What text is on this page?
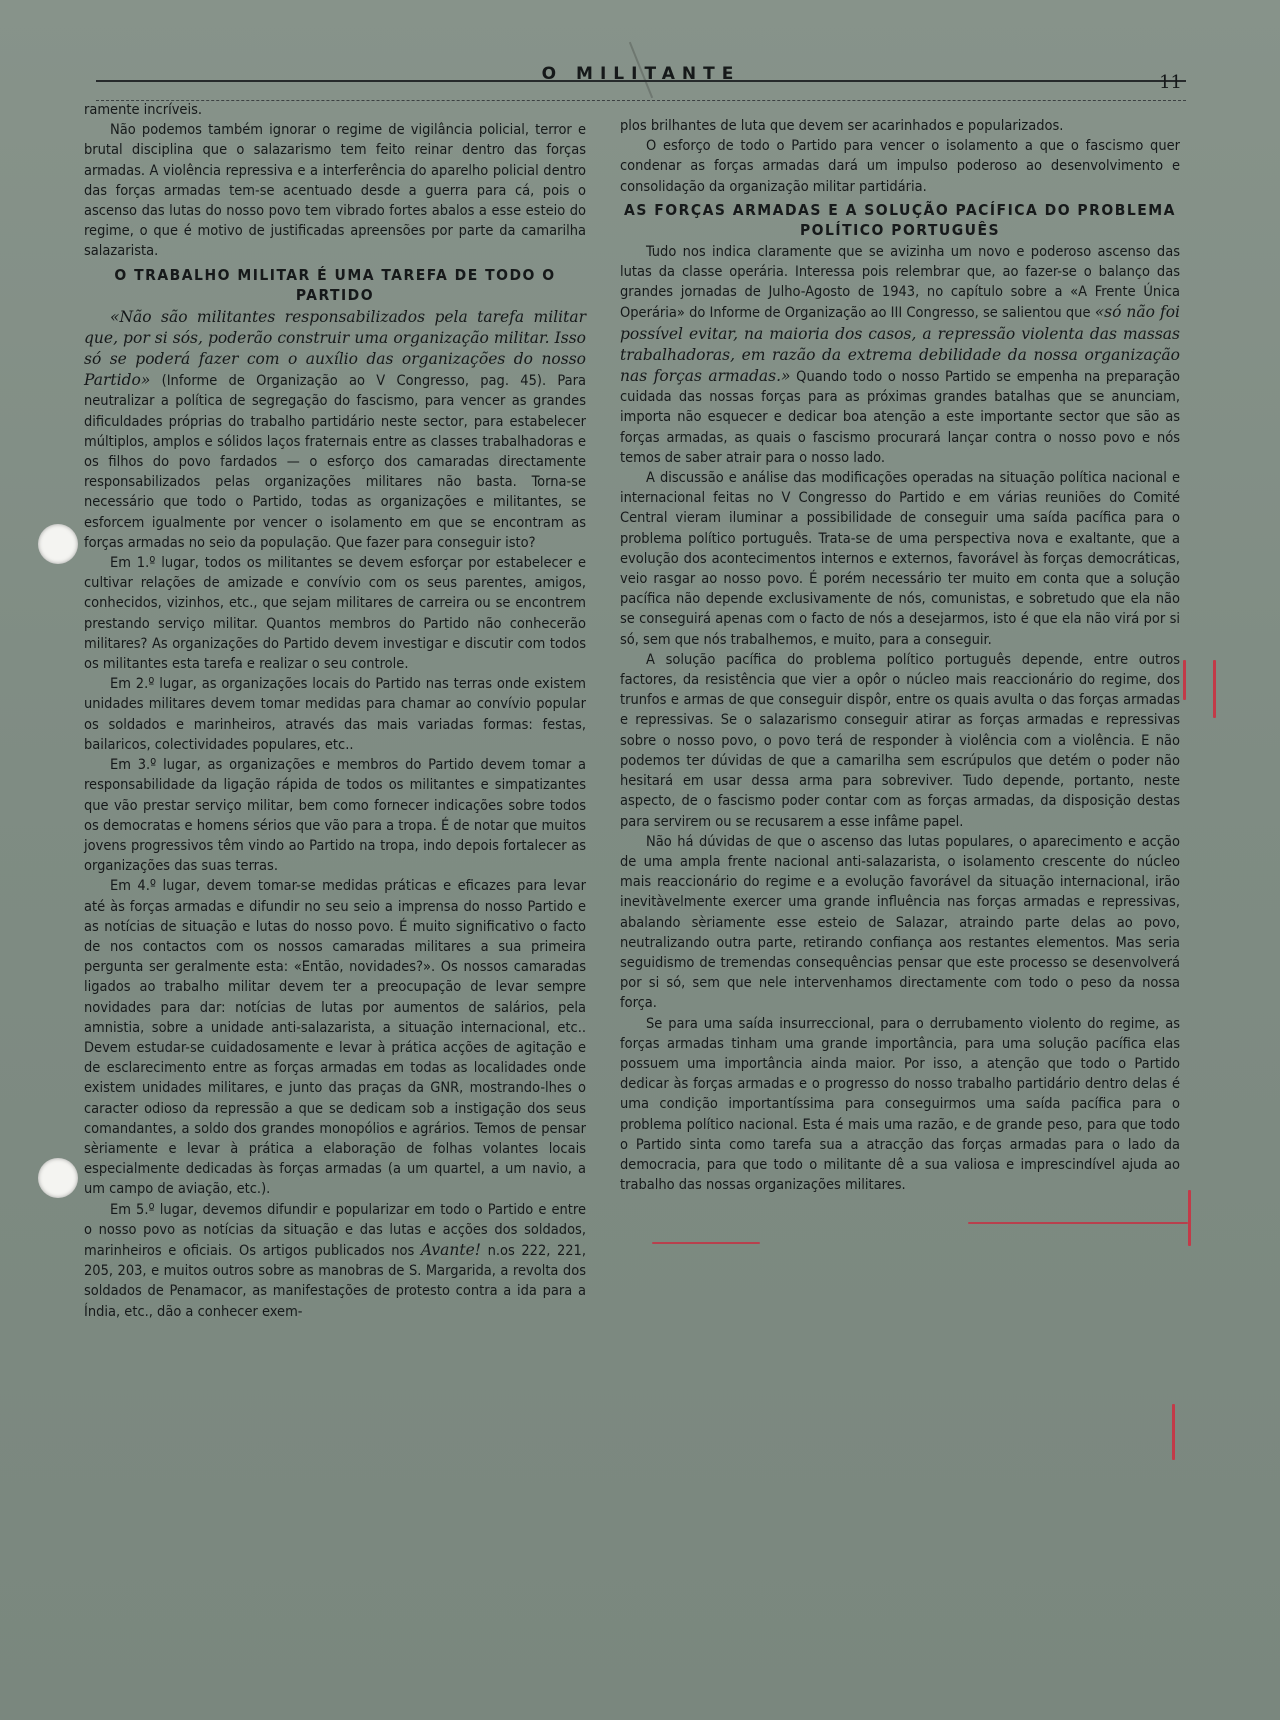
O MILITANTE	11

ramente incríveis.

Não podemos também ignorar o regime de vigilância policial, terror e brutal disciplina que o salazarismo tem feito reinar dentro das forças armadas. A violência repressiva e a interferência do aparelho policial dentro das forças armadas tem-se acentuado desde a guerra para cá, pois o ascenso das lutas do nosso povo tem vibrado fortes abalos a esse esteio do regime, o que é motivo de justificadas apreensões por parte da camarilha salazarista.

O TRABALHO MILITAR É UMA TAREFA DE TODO O PARTIDO

«Não são militantes responsabilizados pela tarefa militar que, por si sós, poderão construir uma organização militar. Isso só se poderá fazer com o auxílio das organizações do nosso Partido» (Informe de Organização ao V Congresso, pag. 45). Para neutralizar a política de segregação do fascismo, para vencer as grandes dificuldades próprias do trabalho partidário neste sector, para estabelecer múltiplos, amplos e sólidos laços fraternais entre as classes trabalhadoras e os filhos do povo fardados — o esforço dos camaradas directamente responsabilizados pelas organizações militares não basta. Torna-se necessário que todo o Partido, todas as organizações e militantes, se esforcem igualmente por vencer o isolamento em que se encontram as forças armadas no seio da população. Que fazer para conseguir isto?

Em 1.º lugar, todos os militantes se devem esforçar por estabelecer e cultivar relações de amizade e convívio com os seus parentes, amigos, conhecidos, vizinhos, etc., que sejam militares de carreira ou se encontrem prestando serviço militar. Quantos membros do Partido não conhecerão militares? As organizações do Partido devem investigar e discutir com todos os militantes esta tarefa e realizar o seu controle.

Em 2.º lugar, as organizações locais do Partido nas terras onde existem unidades militares devem tomar medidas para chamar ao convívio popular os soldados e marinheiros, através das mais variadas formas: festas, bailaricos, colectividades populares, etc..

Em 3.º lugar, as organizações e membros do Partido devem tomar a responsabilidade da ligação rápida de todos os militantes e simpatizantes que vão prestar serviço militar, bem como fornecer indicações sobre todos os democratas e homens sérios que vão para a tropa. É de notar que muitos jovens progressivos têm vindo ao Partido na tropa, indo depois fortalecer as organizações das suas terras.

Em 4.º lugar, devem tomar-se medidas práticas e eficazes para levar até às forças armadas e difundir no seu seio a imprensa do nosso Partido e as notícias de situação e lutas do nosso povo. É muito significativo o facto de nos contactos com os nossos camaradas militares a sua primeira pergunta ser geralmente esta: «Então, novidades?». Os nossos camaradas ligados ao trabalho militar devem ter a preocupação de levar sempre novidades para dar: notícias de lutas por aumentos de salários, pela amnistia, sobre a unidade anti-salazarista, a situação internacional, etc.. Devem estudar-se cuidadosamente e levar à prática acções de agitação e de esclarecimento entre as forças armadas em todas as localidades onde existem unidades militares, e junto das praças da GNR, mostrando-lhes o caracter odioso da repressão a que se dedicam sob a instigação dos seus comandantes, a soldo dos grandes monopólios e agrários. Temos de pensar sèriamente e levar à prática a elaboração de folhas volantes locais especialmente dedicadas às forças armadas (a um quartel, a um navio, a um campo de aviação, etc.).

Em 5.º lugar, devemos difundir e popularizar em todo o Partido e entre o nosso povo as notícias da situação e das lutas e acções dos soldados, marinheiros e oficiais. Os artigos publicados nos Avante! n.os 222, 221, 205, 203, e muitos outros sobre as manobras de S. Margarida, a revolta dos soldados de Penamacor, as manifestações de protesto contra a ida para a Índia, etc., dão a conhecer exem-

plos brilhantes de luta que devem ser acarinhados e popularizados.

O esforço de todo o Partido para vencer o isolamento a que o fascismo quer condenar as forças armadas dará um impulso poderoso ao desenvolvimento e consolidação da organização militar partidária.

AS FORÇAS ARMADAS E A SOLUÇÃO PACÍFICA DO PROBLEMA POLÍTICO PORTUGUÊS

Tudo nos indica claramente que se avizinha um novo e poderoso ascenso das lutas da classe operária. Interessa pois relembrar que, ao fazer-se o balanço das grandes jornadas de Julho-Agosto de 1943, no capítulo sobre a «A Frente Única Operária» do Informe de Organização ao III Congresso, se salientou que «só não foi possível evitar, na maioria dos casos, a repressão violenta das massas trabalhadoras, em razão da extrema debilidade da nossa organização nas forças armadas.» Quando todo o nosso Partido se empenha na preparação cuidada das nossas forças para as próximas grandes batalhas que se anunciam, importa não esquecer e dedicar boa atenção a este importante sector que são as forças armadas, as quais o fascismo procurará lançar contra o nosso povo e nós temos de saber atrair para o nosso lado.

A discussão e análise das modificações operadas na situação política nacional e internacional feitas no V Congresso do Partido e em várias reuniões do Comité Central vieram iluminar a possibilidade de conseguir uma saída pacífica para o problema político português. Trata-se de uma perspectiva nova e exaltante, que a evolução dos acontecimentos internos e externos, favorável às forças democráticas, veio rasgar ao nosso povo. É porém necessário ter muito em conta que a solução pacífica não depende exclusivamente de nós, comunistas, e sobretudo que ela não se conseguirá apenas com o facto de nós a desejarmos, isto é que ela não virá por si só, sem que nós trabalhemos, e muito, para a conseguir.

A solução pacífica do problema político português depende, entre outros factores, da resistência que vier a opôr o núcleo mais reaccionário do regime, dos trunfos e armas de que conseguir dispôr, entre os quais avulta o das forças armadas e repressivas. Se o salazarismo conseguir atirar as forças armadas e repressivas sobre o nosso povo, o povo terá de responder à violência com a violência. E não podemos ter dúvidas de que a camarilha sem escrúpulos que detém o poder não hesitará em usar dessa arma para sobreviver. Tudo depende, portanto, neste aspecto, de o fascismo poder contar com as forças armadas, da disposição destas para servirem ou se recusarem a esse infâme papel.

Não há dúvidas de que o ascenso das lutas populares, o aparecimento e acção de uma ampla frente nacional anti-salazarista, o isolamento crescente do núcleo mais reaccionário do regime e a evolução favorável da situação internacional, irão inevitàvelmente exercer uma grande influência nas forças armadas e repressivas, abalando sèriamente esse esteio de Salazar, atraindo parte delas ao povo, neutralizando outra parte, retirando confiança aos restantes elementos. Mas seria seguidismo de tremendas consequências pensar que este processo se desenvolverá por si só, sem que nele intervenhamos directamente com todo o peso da nossa força.

Se para uma saída insurreccional, para o derrubamento violento do regime, as forças armadas tinham uma grande importância, para uma solução pacífica elas possuem uma importância ainda maior. Por isso, a atenção que todo o Partido dedicar às forças armadas e o progresso do nosso trabalho partidário dentro delas é uma condição importantíssima para conseguirmos uma saída pacífica para o problema político nacional. Esta é mais uma razão, e de grande peso, para que todo o Partido sinta como tarefa sua a atracção das forças armadas para o lado da democracia, para que todo o militante dê a sua valiosa e imprescindível ajuda ao trabalho das nossas organizações militares.
